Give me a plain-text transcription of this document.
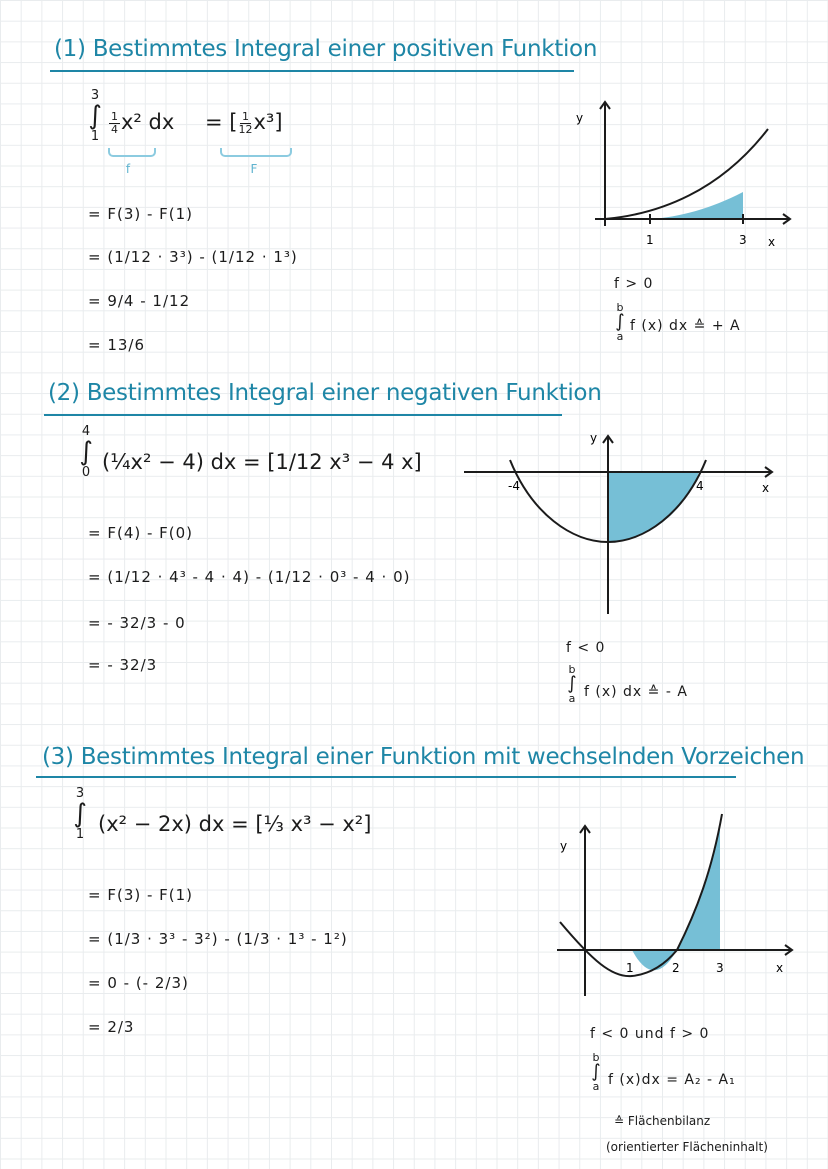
(1) Bestimmtes Integral einer positiven Funktion
3
∫
1
$\frac{1}{4} x^2$ dx = [ $\frac{1}{12} x^3$]
f	F
= F(3) - F(1)
= (1/12 · 3³) - (1/12 · 1³)
= 9/4 - 1/12
= 13/6
y
1	3 x
f > 0
b
∫
a
f (x) dx ≙ + A
(2) Bestimmtes Integral einer negativen Funktion
4
∫
0 (¼x² − 4) dx = [1/12 x³ − 4 x]
= F(4) - F(0)
= (1/12 · 4³ - 4 · 4) - (1/12 · 0³ - 4 · 0)
= - 32/3 - 0
= - 32/3
y
-4	4	x
f < 0
b
∫
a f (x) dx ≙ - A
(3) Bestimmtes Integral einer Funktion mit wechselnden Vorzeichen
3
∫
1 (x² − 2x) dx = [⅓ x³ − x²]
= F(3) - F(1)
= (1/3 · 3³ - 3²) - (1/3 · 1³ - 1²)
= 0 - (- 2/3)
= 2/3
y
1	2	3	x
f < 0 und f > 0
b
∫
a f (x)dx = A₂ - A₁
≙ Flächenbilanz
(orientierter Flächeninhalt)
